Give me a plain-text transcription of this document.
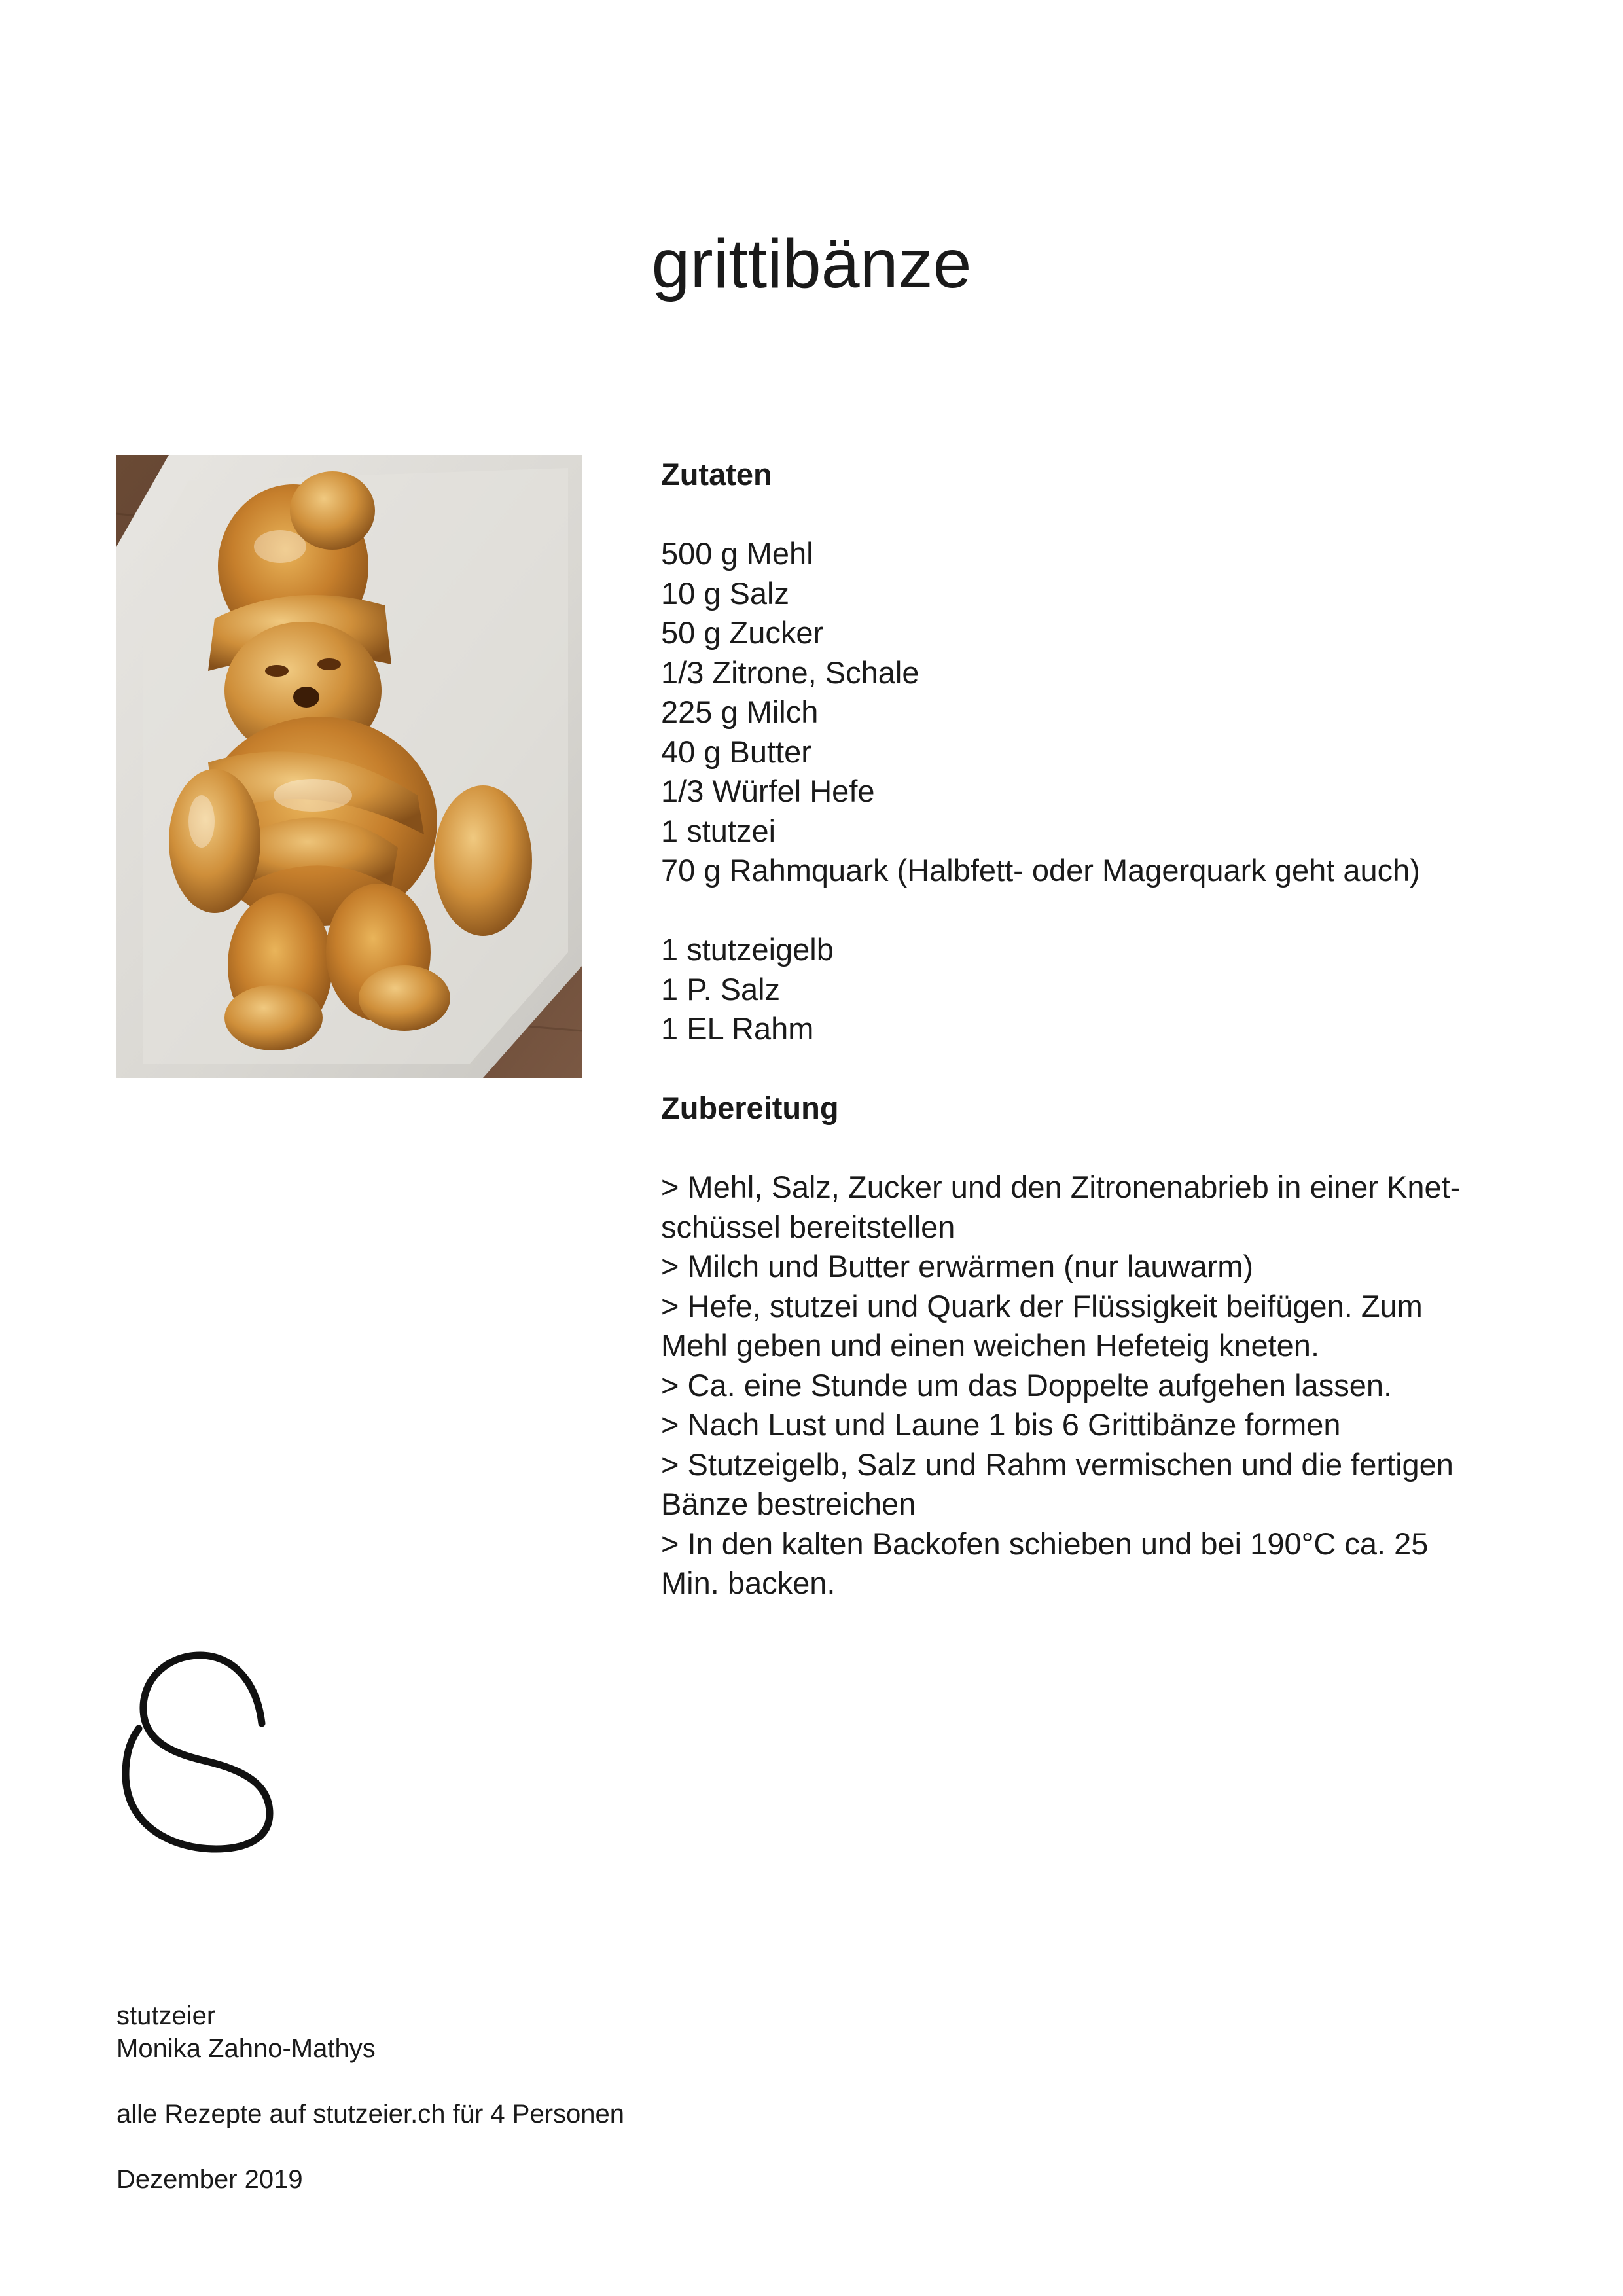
grittibänze
Zutaten
500 g Mehl
10 g Salz
50 g Zucker
1/3 Zitrone, Schale
225 g Milch
40 g Butter
1/3 Würfel Hefe
1 stutzei
70 g Rahmquark (Halbfett- oder Magerquark geht auch)
1 stutzeigelb
1 P. Salz
1 EL Rahm
Zubereitung
> Mehl, Salz, Zucker und den Zitronenabrieb in einer Knet-
schüssel bereitstellen
> Milch und Butter erwärmen (nur lauwarm)
> Hefe, stutzei und Quark der Flüssigkeit beifügen. Zum
Mehl geben und einen weichen Hefeteig kneten.
> Ca. eine Stunde um das Doppelte aufgehen lassen.
> Nach Lust und Laune 1 bis 6 Grittibänze formen
> Stutzeigelb, Salz und Rahm vermischen und die fertigen
Bänze bestreichen
> In den kalten Backofen schieben und bei 190°C ca. 25
Min. backen.
stutzeier
Monika Zahno-Mathys
alle Rezepte auf stutzeier.ch für 4 Personen
Dezember 2019
